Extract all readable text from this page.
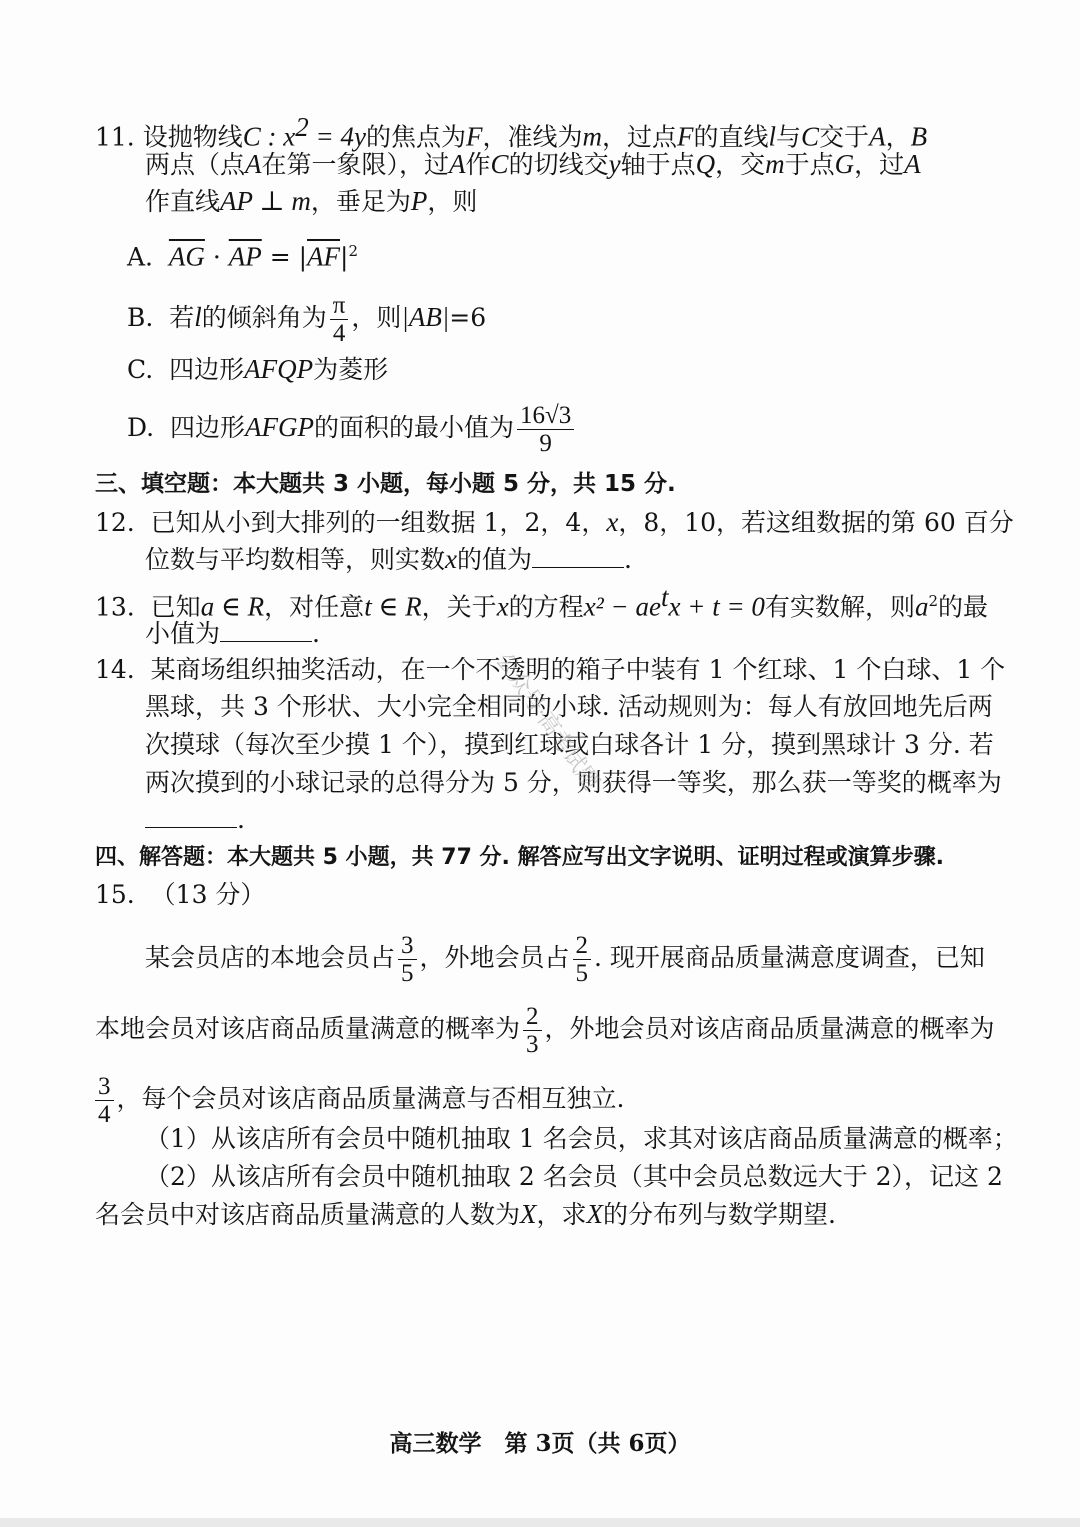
11. 设抛物线C : $x^2 = 4y$的焦点为F，准线为m，过点F的直线l与C交于A，B
两点（点A在第一象限），过A作C的切线交y轴于点Q，交m于点G，过A
作直线AP ⊥ m，垂足为P，则
A. $\overline{AG} \cdot \overline{AP} = |\overline{AF}|^2$
B. 若l的倾斜角为 $\frac{\pi}{4}$ ，则|AB|=6
C. 四边形AFQP为菱形
D. 四边形AFGP的面积的最小值为 $\frac{16√3}{9}$
三、填空题：本大题共 3 小题，每小题 5 分，共 15 分.
12. 已知从小到大排列的一组数据 1，2，4，x，8，10，若这组数据的第 60 百分
位数与平均数相等，则实数x的值为	.
13. 已知a ∈ R，对任意t ∈ R，关于x的方程$x^2 - ae^tx + t = 0$有实数解，则$a^2$的最
小值为	.
14. 某商场组织抽奖活动，在一个不透明的箱子中装有 1 个红球、1 个白球、1 个
黑球，共 3 个形状、大小完全相同的小球. 活动规则为：每人有放回地先后两
次摸球（每次至少摸 1 个），摸到红球或白球各计 1 分，摸到黑球计 3 分. 若
两次摸到的小球记录的总得分为 5 分，则获得一等奖，那么获一等奖的概率为
.
四、解答题：本大题共 5 小题，共 77 分. 解答应写出文字说明、证明过程或演算步骤.
15. （13 分）
某会员店的本地会员占 $\frac{3}{5}$ ，外地会员占 $\frac{2}{5}$ . 现开展商品质量满意度调查，已知
本地会员对该店商品质量满意的概率为 $\frac{2}{3}$ ，外地会员对该店商品质量满意的概率为
$\frac{3}{4}$ ，每个会员对该店商品质量满意与否相互独立.
（1）从该店所有会员中随机抽取 1 名会员，求其对该店商品质量满意的概率；
（2）从该店所有会员中随机抽取 2 名会员（其中会员总数远大于 2），记这 2
名会员中对该店商品质量满意的人数为X，求X的分布列与数学期望.
公众号·高考试题
高三数学　第 3页（共 6页）
